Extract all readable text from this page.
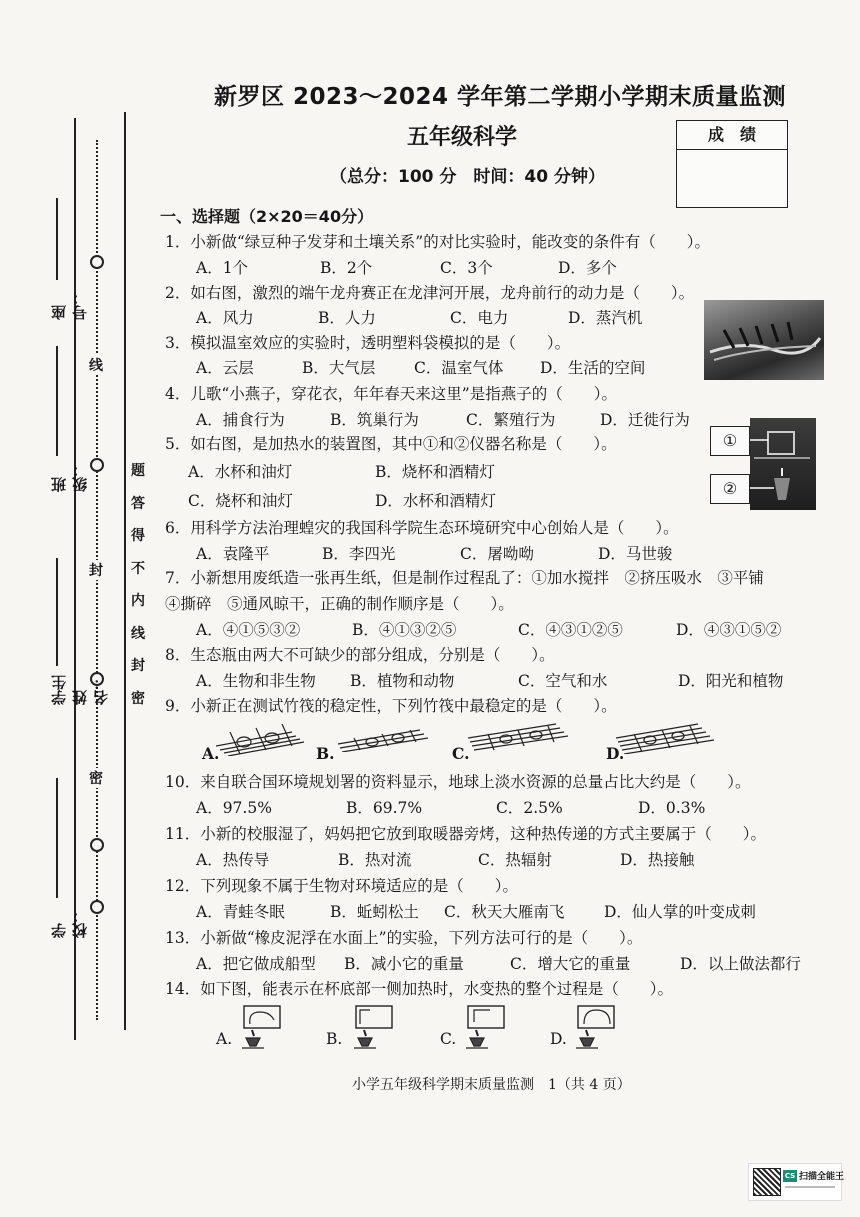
线
封
密
座号：
班级：
学生姓名：
学校：
题
答
得
不
内
线
封
密
新罗区 2023～2024 学年第二学期小学期末质量监测
五年级科学
（总分：100 分　时间：40 分钟）
成　绩
一、选择题（2×20＝40分）
1．小新做“绿豆种子发芽和土壤关系”的对比实验时，能改变的条件有（　　）。
A．1个	B．2个	C．3个	D．多个
2．如右图，激烈的端午龙舟赛正在龙津河开展，龙舟前行的动力是（　　）。
A．风力	B．人力	C．电力	D．蒸汽机
3．模拟温室效应的实验时，透明塑料袋模拟的是（　　）。
A．云层	B．大气层 C．温室气体 D．生活的空间
4．儿歌“小燕子，穿花衣，年年春天来这里”是指燕子的（　　）。
A．捕食行为	B．筑巢行为	C．繁殖行为	D．迁徙行为
5．如右图，是加热水的装置图，其中①和②仪器名称是（　　）。
A．水杯和油灯	B．烧杯和酒精灯
C．烧杯和油灯	D．水杯和酒精灯
①
②
6．用科学方法治理蝗灾的我国科学院生态环境研究中心创始人是（　　）。
A．袁隆平	B．李四光	C．屠呦呦	D．马世骏
7．小新想用废纸造一张再生纸，但是制作过程乱了：①加水搅拌　②挤压吸水　③平铺
④撕碎　⑤通风晾干，正确的制作顺序是（　　）。
A．④①⑤③②	B．④①③②⑤	C．④③①②⑤	D．④③①⑤②
8．生态瓶由两大不可缺少的部分组成，分别是（　　）。
A．生物和非生物 B．植物和动物	C．空气和水	D．阳光和植物
9．小新正在测试竹筏的稳定性，下列竹筏中最稳定的是（　　）。
A.	B.	C.	D.
10．来自联合国环境规划署的资料显示，地球上淡水资源的总量占比大约是（　　）。
A．97.5%	B．69.7%	C．2.5%	D．0.3%
11．小新的校服湿了，妈妈把它放到取暖器旁烤，这种热传递的方式主要属于（　　）。
A．热传导	B．热对流	C．热辐射	D．热接触
12．下列现象不属于生物对环境适应的是（　　）。
A．青蛙冬眠	B．蚯蚓松土 C．秋天大雁南飞	D．仙人掌的叶变成刺
13．小新做“橡皮泥浮在水面上”的实验，下列方法可行的是（　　）。
A．把它做成船型 B．减小它的重量	C．增大它的重量	D．以上做法都行
14．如下图，能表示在杯底部一侧加热时，水变热的整个过程是（　　）。
A.	B.	C.	D.
小学五年级科学期末质量监测　1（共 4 页）
CS 扫描全能王
